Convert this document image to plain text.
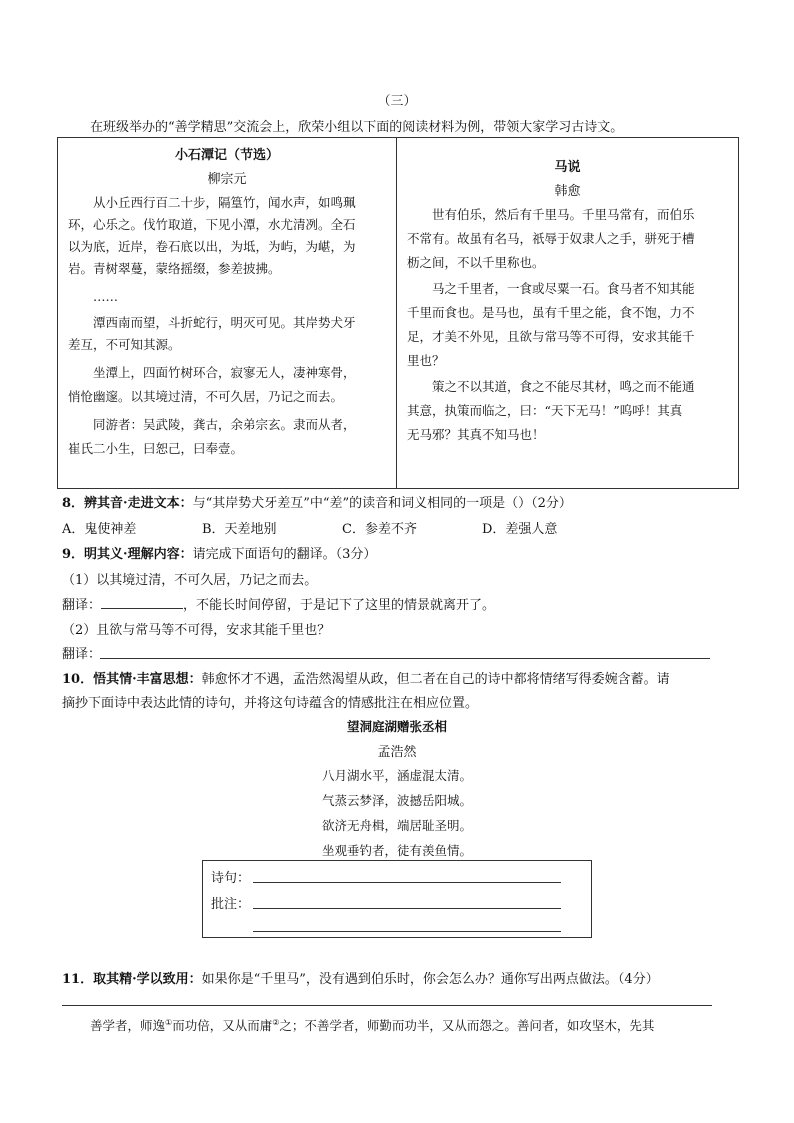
（三）
在班级举办的“善学精思”交流会上，欣荣小组以下面的阅读材料为例，带领大家学习古诗文。
小石潭记（节选）
柳宗元

从小丘西行百二十步，隔篁竹，闻水声，如鸣珮

环，心乐之。伐竹取道，下见小潭，水尤清冽。全石

以为底，近岸，卷石底以出，为坻，为屿，为嵁，为

岩。青树翠蔓，蒙络摇缀，参差披拂。

……

潭西南而望，斗折蛇行，明灭可见。其岸势犬牙

差互，不可知其源。

坐潭上，四面竹树环合，寂寥无人，凄神寒骨，

悄怆幽邃。以其境过清，不可久居，乃记之而去。

同游者：吴武陵，龚古，余弟宗玄。隶而从者，

崔氏二小生，曰恕己，曰奉壹。

马说
韩愈

世有伯乐，然后有千里马。千里马常有，而伯乐

不常有。故虽有名马，祇辱于奴隶人之手，骈死于槽

枥之间，不以千里称也。

马之千里者，一食或尽粟一石。食马者不知其能

千里而食也。是马也，虽有千里之能，食不饱，力不

足，才美不外见，且欲与常马等不可得，安求其能千

里也？

策之不以其道，食之不能尽其材，鸣之而不能通

其意，执策而临之，曰：“天下无马！”呜呼！其真

无马邪？其真不知马也！

8．辨其音·走进文本：与“其岸势犬牙差互”中“差”的读音和词义相同的一项是（）（2分）
A．鬼使神差	B．天差地别	C．参差不齐	D．差强人意
9．明其义·理解内容：请完成下面语句的翻译。（3分）
（1）以其境过清，不可久居，乃记之而去。
翻译：	，不能长时间停留，于是记下了这里的情景就离开了。
（2）且欲与常马等不可得，安求其能千里也？
翻译：
10．悟其情·丰富思想：韩愈怀才不遇，孟浩然渴望从政，但二者在自己的诗中都将情绪写得委婉含蓄。请
摘抄下面诗中表达此情的诗句，并将这句诗蕴含的情感批注在相应位置。
望洞庭湖赠张丞相
孟浩然
八月湖水平，涵虚混太清。
气蒸云梦泽，波撼岳阳城。
欲济无舟楫，端居耻圣明。
坐观垂钓者，徒有羡鱼情。
诗句：
批注：
11．取其精·学以致用：如果你是“千里马”，没有遇到伯乐时，你会怎么办？通你写出两点做法。（4分）
善学者，师逸①而功倍，又从而庸②之；不善学者，师勤而功半，又从而怨之。善问者，如攻坚木，先其
